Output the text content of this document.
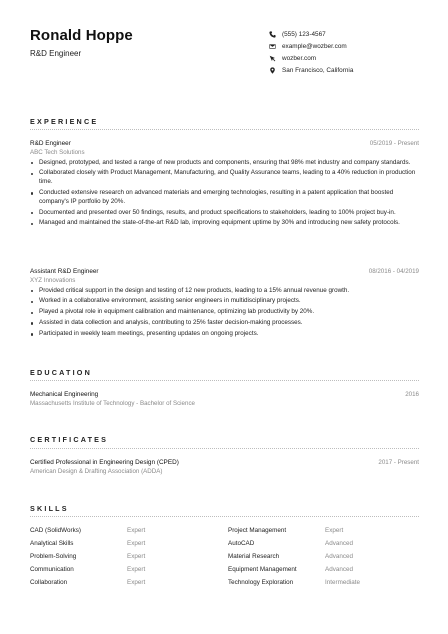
Ronald Hoppe
R&D Engineer
(555) 123-4567
example@wozber.com
wozber.com
San Francisco, California
EXPERIENCE
R&D Engineer	05/2019 - Present
ABC Tech Solutions
Designed, prototyped, and tested a range of new products and components, ensuring that 98% met industry and company standards.
Collaborated closely with Product Management, Manufacturing, and Quality Assurance teams, leading to a 40% reduction in production time.
Conducted extensive research on advanced materials and emerging technologies, resulting in a patent application that boosted company's IP portfolio by 20%.
Documented and presented over 50 findings, results, and product specifications to stakeholders, leading to 100% project buy-in.
Managed and maintained the state-of-the-art R&D lab, improving equipment uptime by 30% and introducing new safety protocols.
Assistant R&D Engineer	08/2016 - 04/2019
XYZ Innovations
Provided critical support in the design and testing of 12 new products, leading to a 15% annual revenue growth.
Worked in a collaborative environment, assisting senior engineers in multidisciplinary projects.
Played a pivotal role in equipment calibration and maintenance, optimizing lab productivity by 20%.
Assisted in data collection and analysis, contributing to 25% faster decision-making processes.
Participated in weekly team meetings, presenting updates on ongoing projects.
EDUCATION
Mechanical Engineering	2016
Massachusetts Institute of Technology - Bachelor of Science
CERTIFICATES
Certified Professional in Engineering Design (CPED)	2017 - Present
American Design & Drafting Association (ADDA)
SKILLS
CAD (SolidWorks)	Expert	Project Management	Expert
Analytical Skills	Expert	AutoCAD	Advanced
Problem-Solving	Expert	Material Research	Advanced
Communication	Expert	Equipment Management	Advanced
Collaboration	Expert	Technology Exploration	Intermediate
